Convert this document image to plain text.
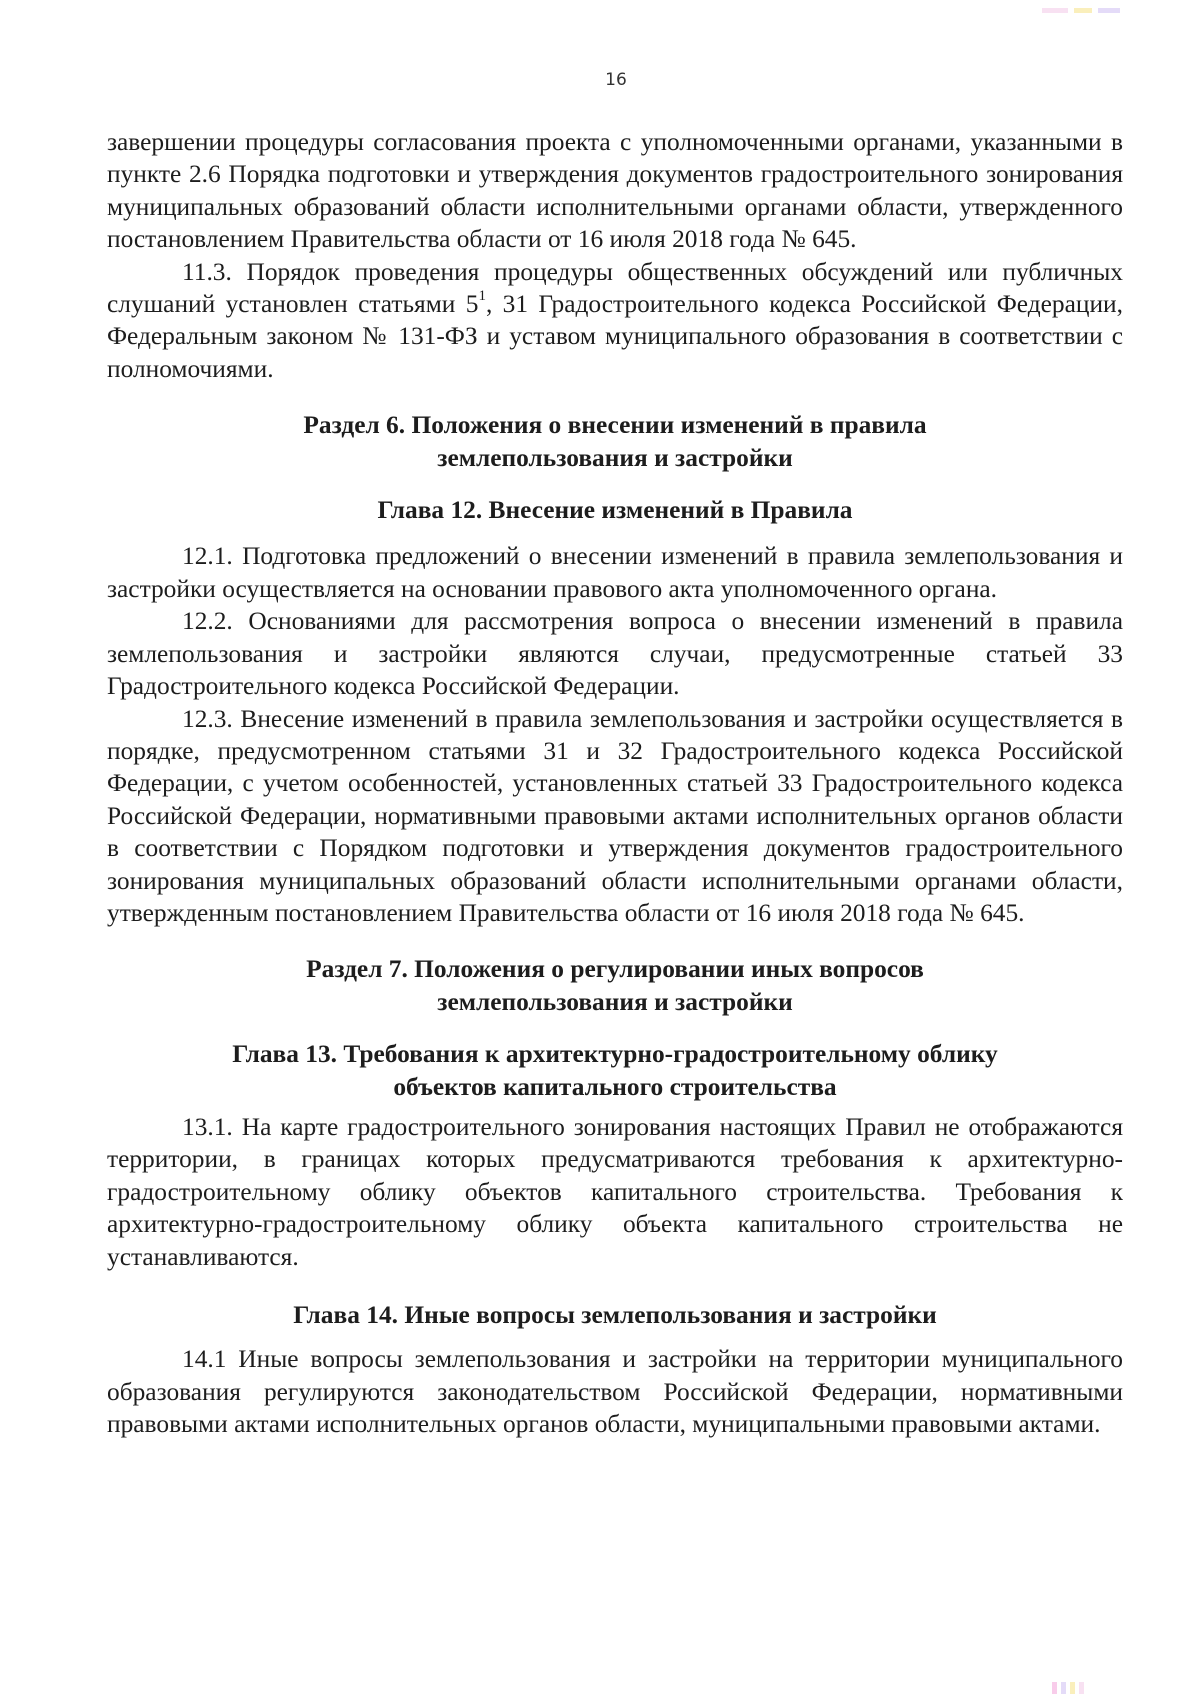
16

завершении процедуры согласования проекта с уполномоченными органами, указанными в пункте 2.6 Порядка подготовки и утверждения документов градостроительного зонирования муниципальных образований области исполнительными органами области, утвержденного постановлением Правительства области от 16 июля 2018 года № 645.

11.3. Порядок проведения процедуры общественных обсуждений или публичных слушаний установлен статьями $5^1$, 31 Градостроительного кодекса Российской Федерации, Федеральным законом № 131-ФЗ и уставом муниципального образования в соответствии с полномочиями.

Раздел 6. Положения о внесении изменений в правила
землепользования и застройки
Глава 12. Внесение изменений в Правила

12.1. Подготовка предложений о внесении изменений в правила землепользования и застройки осуществляется на основании правового акта уполномоченного органа.

12.2. Основаниями для рассмотрения вопроса о внесении изменений в правила землепользования и застройки являются случаи, предусмотренные статьей 33 Градостроительного кодекса Российской Федерации.

12.3. Внесение изменений в правила землепользования и застройки осуществляется в порядке, предусмотренном статьями 31 и 32 Градостроительного кодекса Российской Федерации, с учетом особенностей, установленных статьей 33 Градостроительного кодекса Российской Федерации, нормативными правовыми актами исполнительных органов области в соответствии с Порядком подготовки и утверждения документов градостроительного зонирования муниципальных образований области исполнительными органами области, утвержденным постановлением Правительства области от 16 июля 2018 года № 645.

Раздел 7. Положения о регулировании иных вопросов
землепользования и застройки
Глава 13. Требования к архитектурно-градостроительному облику
объектов капитального строительства

13.1. На карте градостроительного зонирования настоящих Правил не отображаются территории, в границах которых предусматриваются требования к архитектурно-градостроительному облику объектов капитального строительства. Требования к архитектурно-градостроительному облику объекта капитального строительства не устанавливаются.

Глава 14. Иные вопросы землепользования и застройки

14.1 Иные вопросы землепользования и застройки на территории муниципального образования регулируются законодательством Российской Федерации, нормативными правовыми актами исполнительных органов области, муниципальными правовыми актами.
